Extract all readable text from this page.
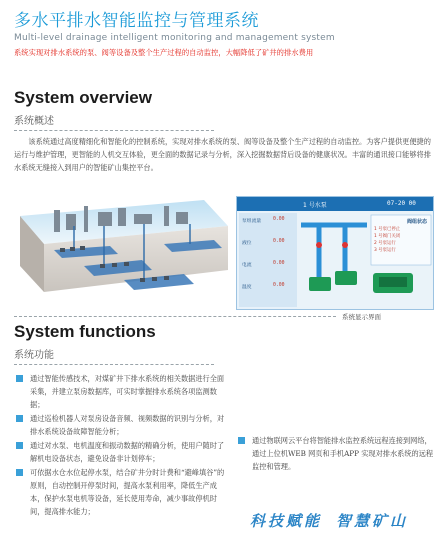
多水平排水智能监控与管理系统
Multi-level drainage intelligent monitoring and management system
系统实现对排水系统的泵、阀等设备及整个生产过程的自动监控，大幅降低了矿井的排水费用
System overview
系统概述

该系统通过高度精细化和智能化的控制系统，实现对排水系统的泵、阀等设备及整个生产过程的自动监控。为客户提供更便捷的运行与维护管理，更智能的人机交互体验，更全面的数据记录与分析，深入挖掘数据背后设备的健康状况。丰富的通讯接口能够将排水系统无缝接入到用户的智能矿山集控平台。

1 号水泵	07-20 00
泵组流量 0.00
液位	0.00
电流	0.00
温度	0.00
阀组状态
1 号泵已停止
1 号阀门关闭
2 号泵运行
3 号泵运行
系统显示界面
System functions
系统功能
通过智能传感技术，对煤矿井下排水系统的相关数据进行全面采集，并建立泵房数据库，可实时掌握排水系统各项监测数据；
通过巡检机器人对泵房设备音频、视频数据的识别与分析，对排水系统设备故障智能分析；
通过对水泵、电机温度和振动数据的精确分析，使用户随时了解机电设备状态，避免设备非计划停车；
可依据水仓水位起停水泵，结合矿井分时计费和“避峰填谷”的原则，自动控制开停泵时间，提高水泵利用率，降低生产成本，保护水泵电机等设备，延长使用寿命，减少事故停机时间，提高排水能力；
通过物联网云平台将智能排水监控系统远程连接到网络，通过上位机WEB 网页和手机APP 实现对排水系统的远程监控和管理。
科技赋能 智慧矿山
